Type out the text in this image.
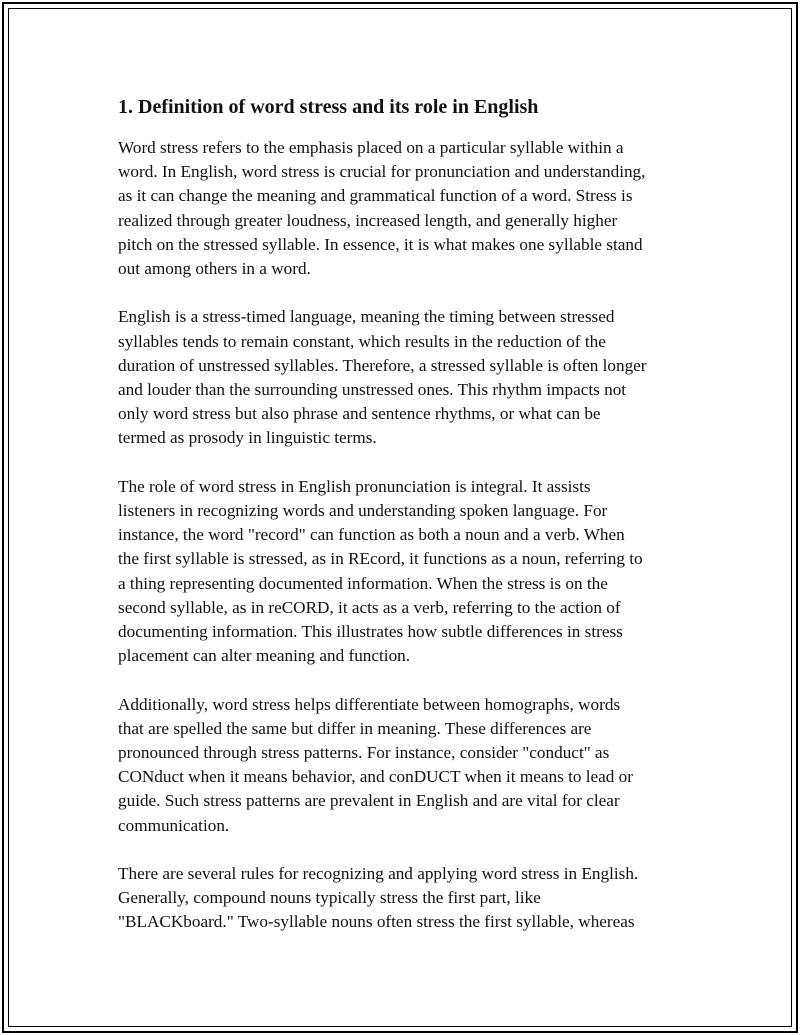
1. Definition of word stress and its role in English

Word stress refers to the emphasis placed on a particular syllable within a
word. In English, word stress is crucial for pronunciation and understanding,
as it can change the meaning and grammatical function of a word. Stress is
realized through greater loudness, increased length, and generally higher
pitch on the stressed syllable. In essence, it is what makes one syllable stand
out among others in a word.

English is a stress-timed language, meaning the timing between stressed
syllables tends to remain constant, which results in the reduction of the
duration of unstressed syllables. Therefore, a stressed syllable is often longer
and louder than the surrounding unstressed ones. This rhythm impacts not
only word stress but also phrase and sentence rhythms, or what can be
termed as prosody in linguistic terms.

The role of word stress in English pronunciation is integral. It assists
listeners in recognizing words and understanding spoken language. For
instance, the word "record" can function as both a noun and a verb. When
the first syllable is stressed, as in REcord, it functions as a noun, referring to
a thing representing documented information. When the stress is on the
second syllable, as in reCORD, it acts as a verb, referring to the action of
documenting information. This illustrates how subtle differences in stress
placement can alter meaning and function.

Additionally, word stress helps differentiate between homographs, words
that are spelled the same but differ in meaning. These differences are
pronounced through stress patterns. For instance, consider "conduct" as
CONduct when it means behavior, and conDUCT when it means to lead or
guide. Such stress patterns are prevalent in English and are vital for clear
communication.

There are several rules for recognizing and applying word stress in English.
Generally, compound nouns typically stress the first part, like
"BLACKboard." Two-syllable nouns often stress the first syllable, whereas
